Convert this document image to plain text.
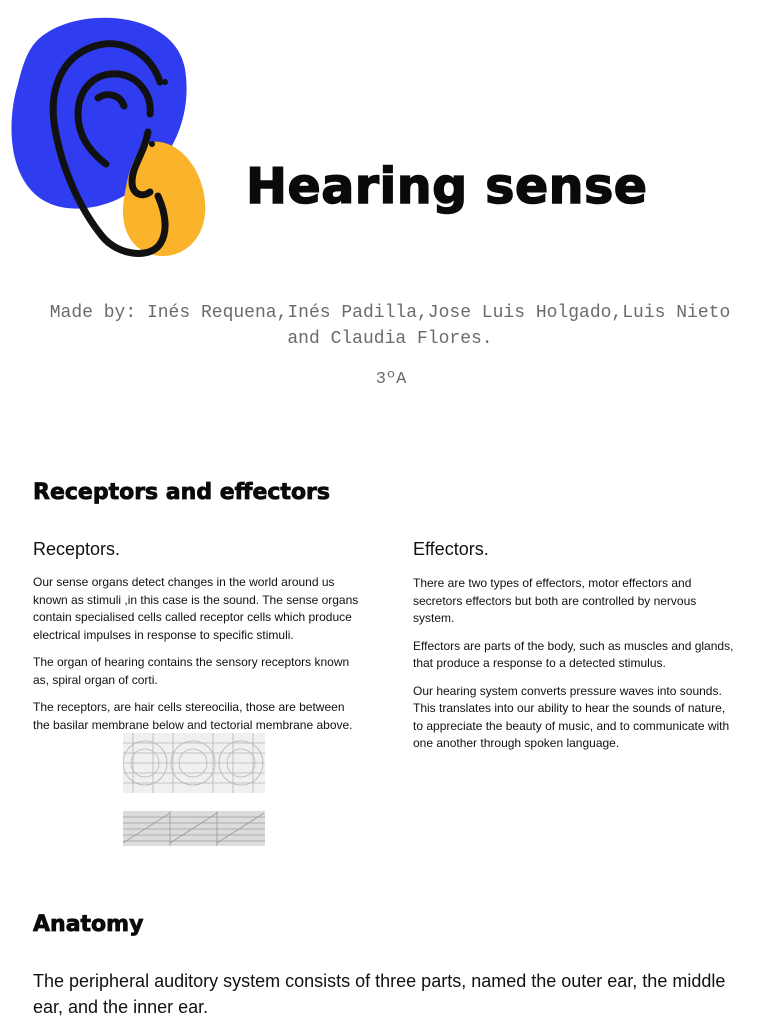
Hearing sense

Made by: Inés Requena,Inés Padilla,Jose Luis Holgado,Luis Nieto and Claudia Flores.

3ºA

Receptors and effectors
Receptors.

Our sense organs detect changes in the world around us known as stimuli ,in this case is the sound. The sense organs contain specialised cells called receptor cells which produce electrical impulses in response to specific stimuli.

The organ of hearing contains the sensory receptors known as, spiral organ of corti.

The receptors, are hair cells stereocilia, those are between the basilar membrane below and tectorial membrane above.

Effectors.

There are two types of effectors, motor effectors and secretors effectors but both are controlled by nervous system.

Effectors are parts of the body, such as muscles and glands, that produce a response to a detected stimulus.

Our hearing system converts pressure waves into sounds. This translates into our ability to hear the sounds of nature, to appreciate the beauty of music, and to communicate with one another through spoken language.

Anatomy

The peripheral auditory system consists of three parts, named the outer ear, the middle ear, and the inner ear.
